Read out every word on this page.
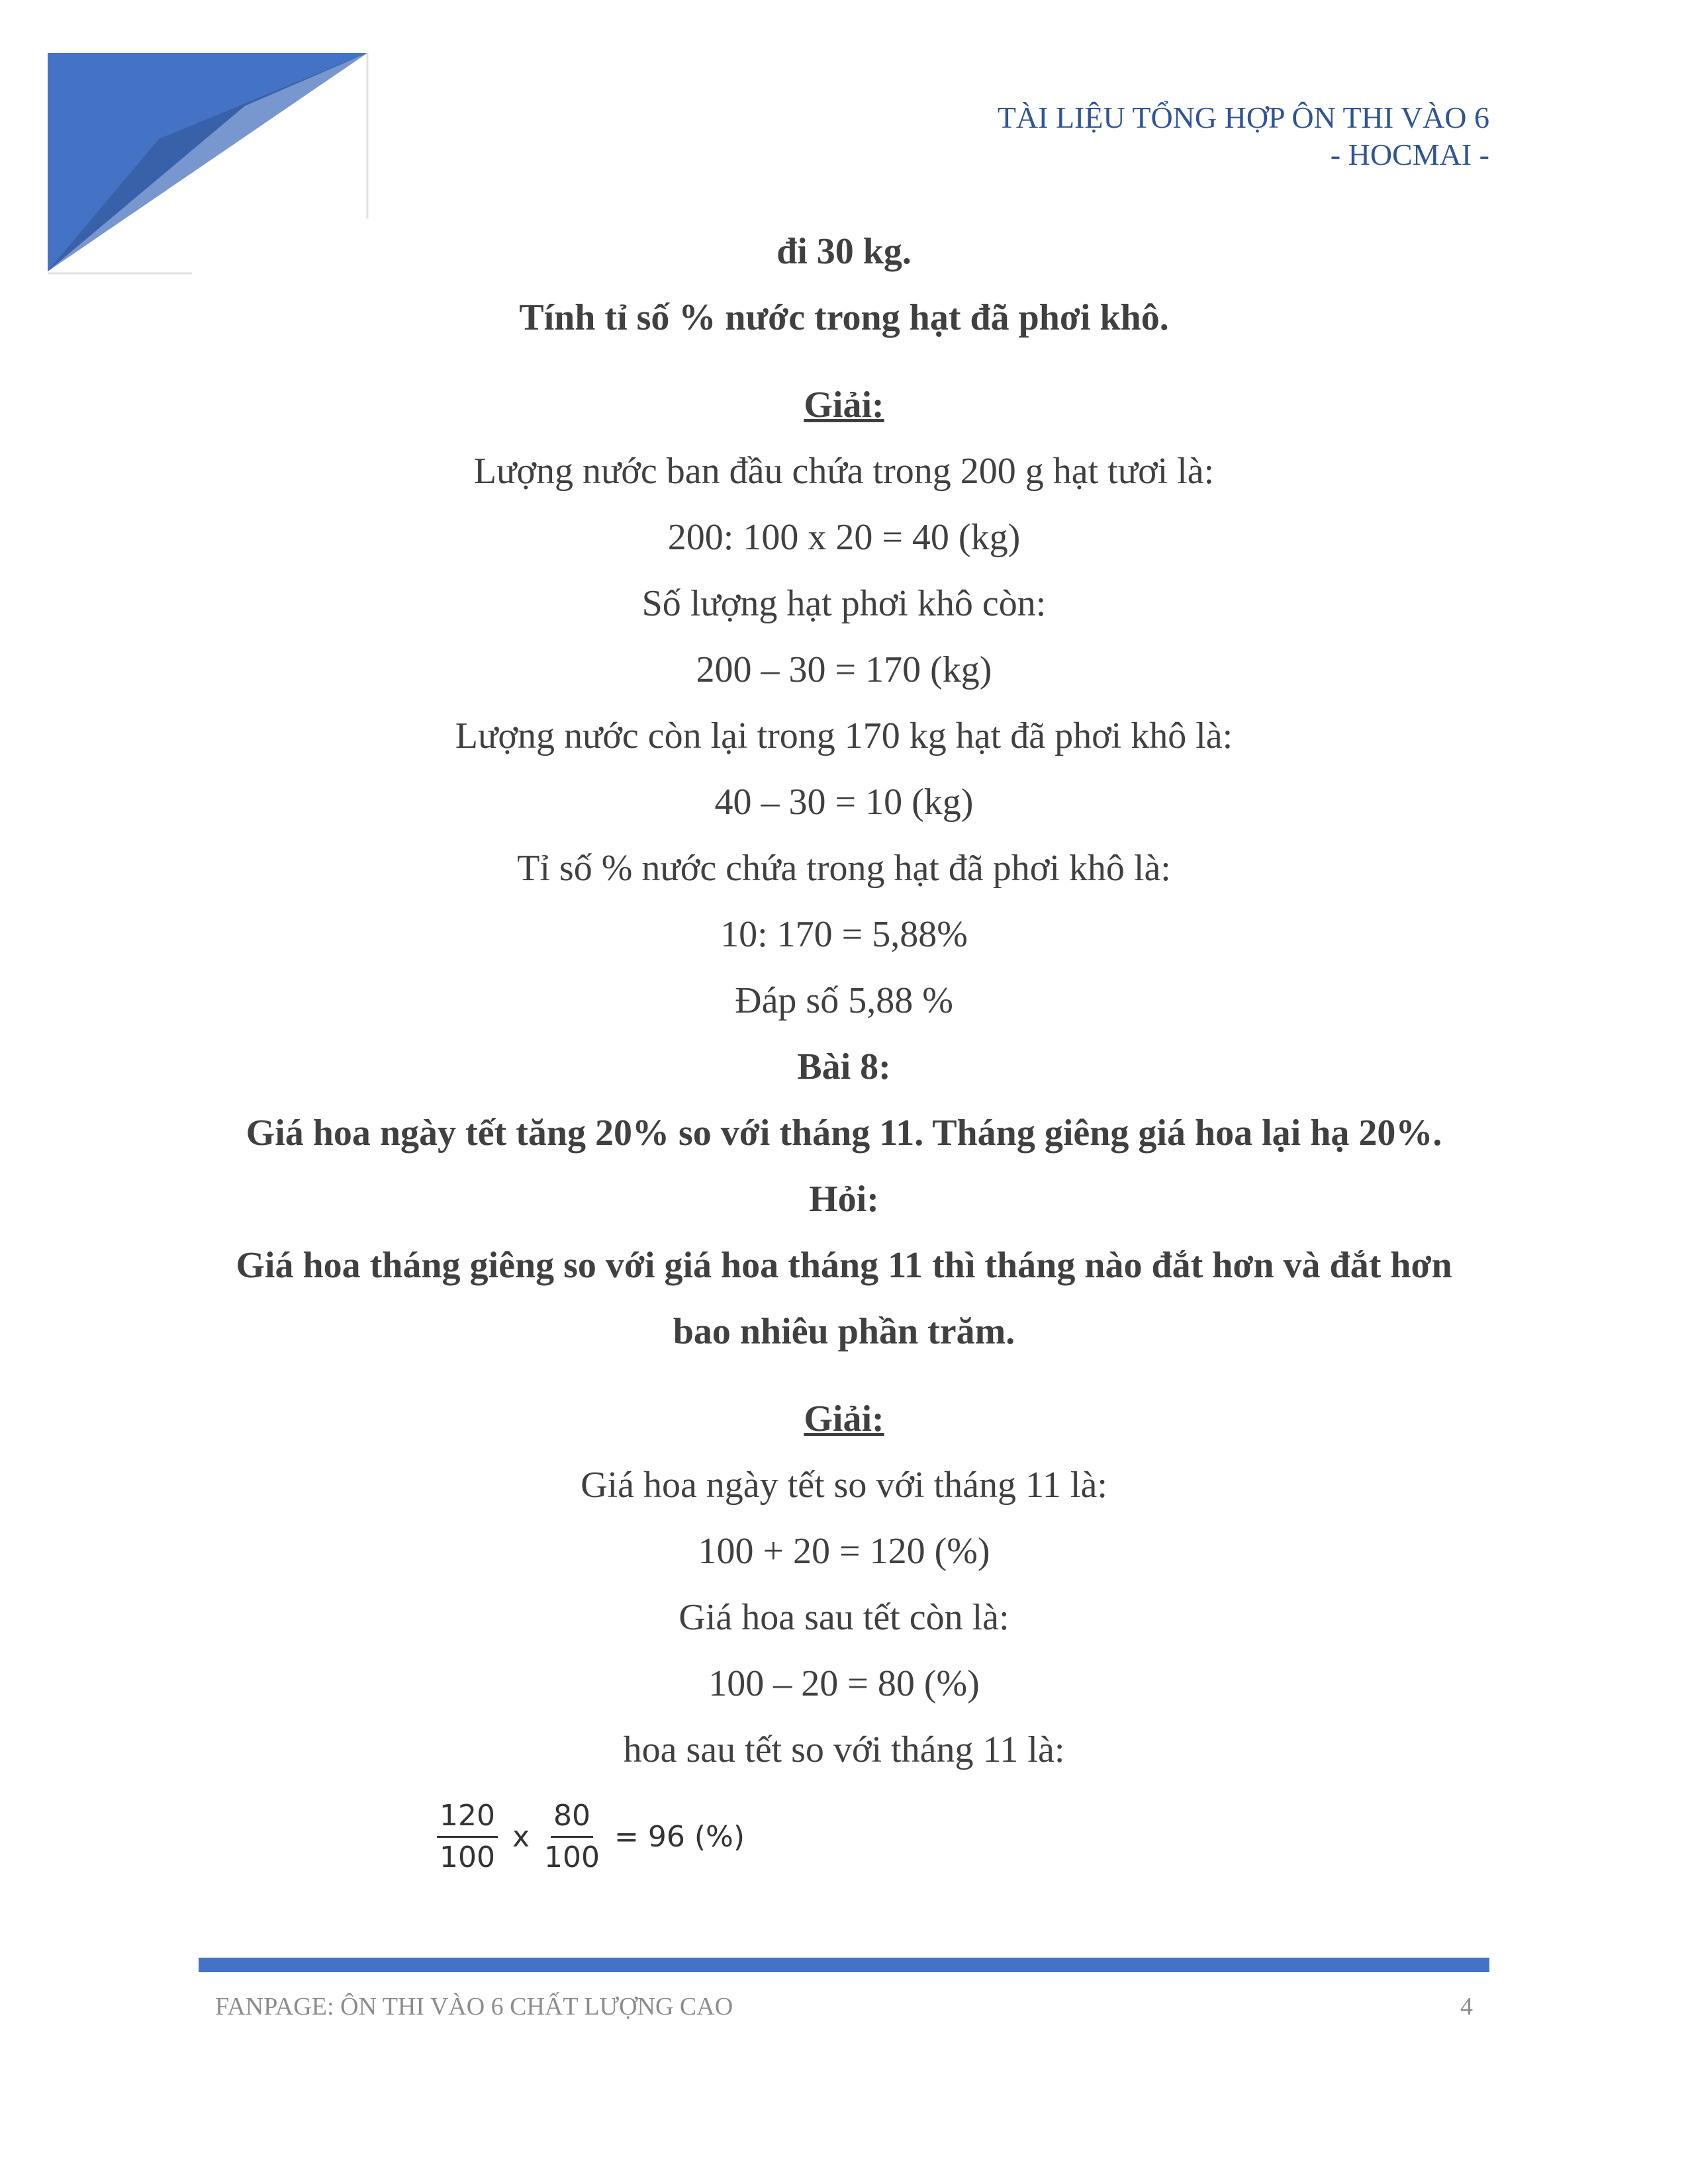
TÀI LIỆU TỔNG HỢP ÔN THI VÀO 6
- HOCMAI -
đi 30 kg.
Tính tỉ số % nước trong hạt đã phơi khô.
Giải:
Lượng nước ban đầu chứa trong 200 g hạt tươi là:
200: 100 x 20 = 40 (kg)
Số lượng hạt phơi khô còn:
200 – 30 = 170 (kg)
Lượng nước còn lại trong 170 kg hạt đã phơi khô là:
40 – 30 = 10 (kg)
Tỉ số % nước chứa trong hạt đã phơi khô là:
10: 170 = 5,88%
Đáp số 5,88 %
Bài 8:
Giá hoa ngày tết tăng 20% so với tháng 11. Tháng giêng giá hoa lại hạ 20%.
Hỏi:
Giá hoa tháng giêng so với giá hoa tháng 11 thì tháng nào đắt hơn và đắt hơn
bao nhiêu phần trăm.
Giải:
Giá hoa ngày tết so với tháng 11 là:
100 + 20 = 120 (%)
Giá hoa sau tết còn là:
100 – 20 = 80 (%)
hoa sau tết so với tháng 11 là:
$\frac{120}{100}$ x $\frac{80}{100} = 96$ (%)
FANPAGE: ÔN THI VÀO 6 CHẤT LƯỢNG CAO	4
